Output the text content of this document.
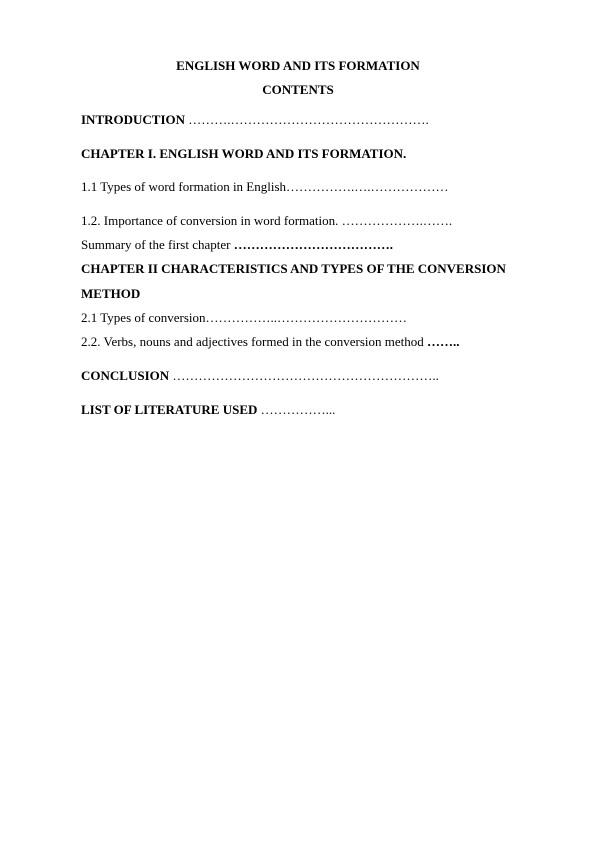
ENGLISH WORD AND ITS FORMATION
CONTENTS
INTRODUCTION ……….……………………………………….
CHAPTER I. ENGLISH WORD AND ITS FORMATION.
1.1 Types of word formation in English…………….….………………
1.2. Importance of conversion in word formation. ……………….…….
Summary of the first chapter ……………………………….
CHAPTER II CHARACTERISTICS AND TYPES OF THE CONVERSION
METHOD
2.1 Types of conversion……………..…………………………
2.2. Verbs, nouns and adjectives formed in the conversion method ……..
CONCLUSION ……………………………………………………..
LIST OF LITERATURE USED ……………...
